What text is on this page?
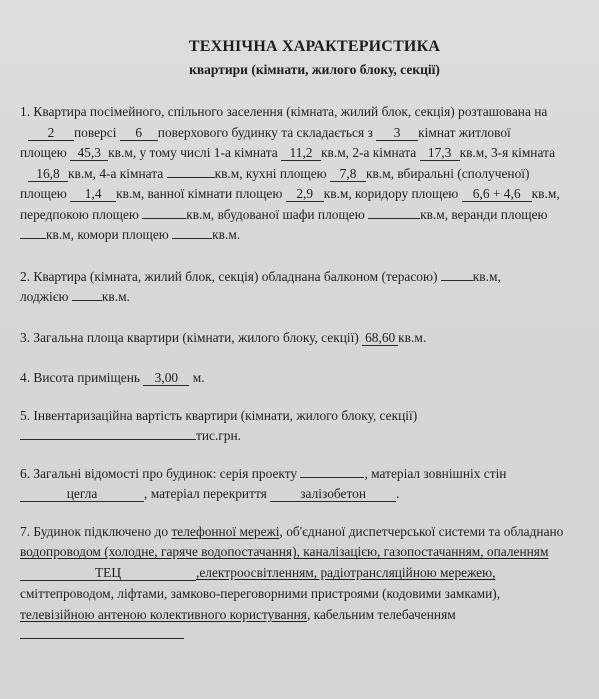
ТЕХНІЧНА ХАРАКТЕРИСТИКА

квартири (кімнати, жилого блоку, секції)

1. Квартира посімейного, спільного заселення (кімната, жилий блок, секція) розташована на
2 поверсі 6 поверхового будинку та складається з 3 кімнат житлової
площею 45,3 кв.м, у тому числі 1-а кімната 11,2 кв.м, 2-а кімната 17,3 кв.м, 3-я кімната
16,8 кв.м, 4-а кімната	кв.м, кухні площею 7,8 кв.м, вбиральні (сполученої)
площею 1,4 кв.м, ванної кімнати площею 2,9 кв.м, коридору площею 6,6 + 4,6 кв.м,
передпокою площею	кв.м, вбудованої шафи площею	кв.м, веранди площею
кв.м, комори площею	кв.м.

2. Квартира (кімната, жилий блок, секція) обладнана балконом (терасою)	кв.м,
лоджією кв.м.

3. Загальна площа квартири (кімнати, жилого блоку, секції) 68,60 кв.м.

4. Висота приміщень 3,00 м.

5. Інвентаризаційна вартість квартири (кімнати, жилого блоку, секції)
тис.грн.

6. Загальні відомості про будинок: серія проекту	, матеріал зовнішніх стін
цегла	, матеріал перекриття залізобетон .

7. Будинок підключено до телефонної мережі, об'єднаної диспетчерської системи та обладнано
водопроводом (холодне, гаряче водопостачання), каналізацією, газопостачанням, опаленням
ТЕЦ	,електроосвітленням, радіотрансляційною мережею,
сміттепроводом, ліфтами, замково-переговорними пристроями (кодовими замками),
телевізійною антеною колективного користування, кабельним телебаченням
